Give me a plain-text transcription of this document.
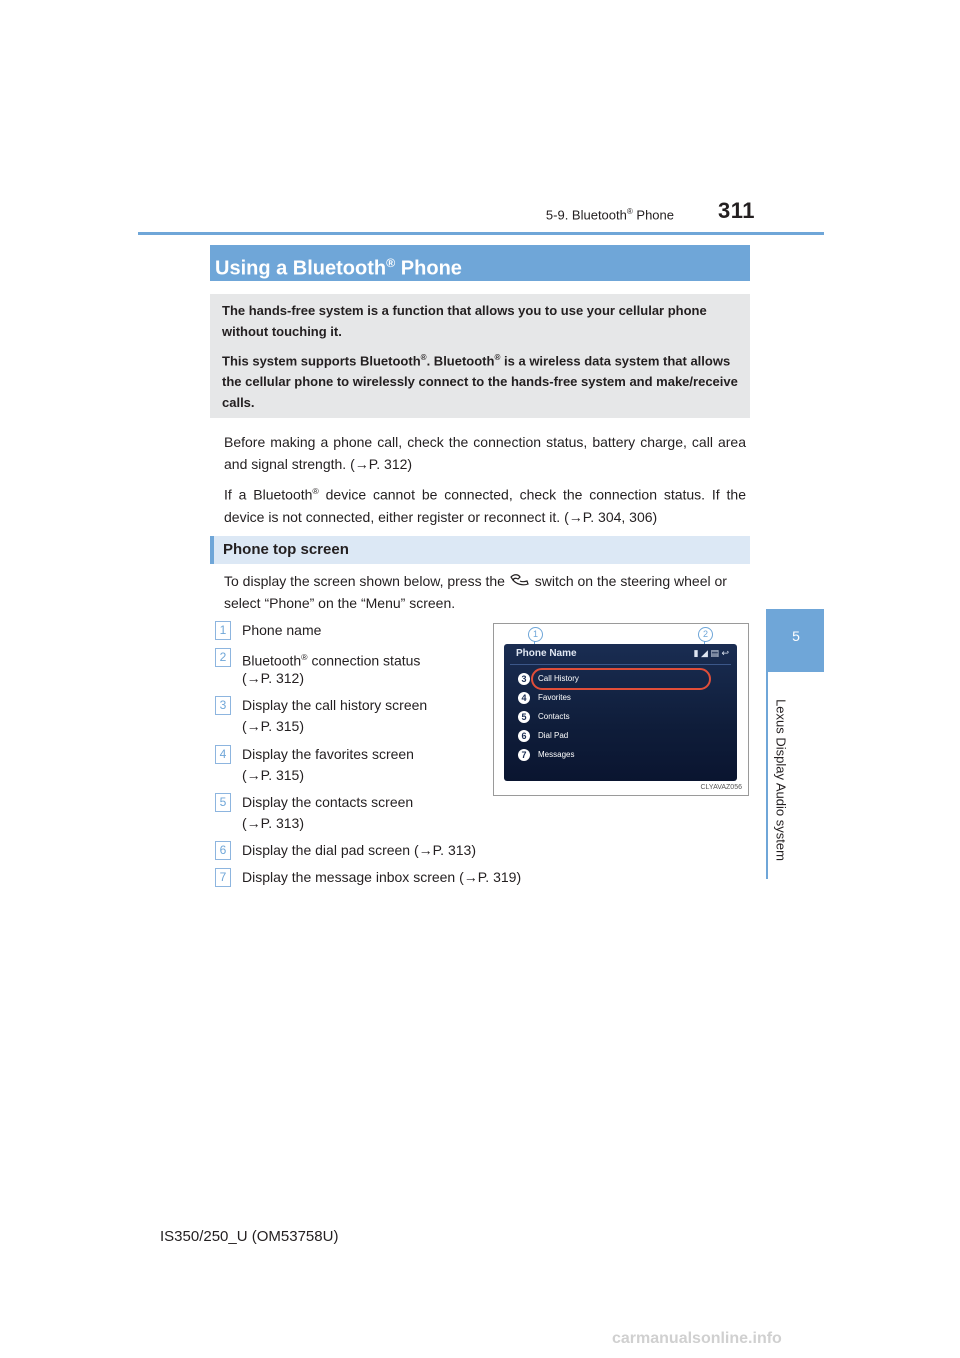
5-9. Bluetooth® Phone 311
5
Lexus Display Audio system
Using a Bluetooth® Phone

The hands-free system is a function that allows you to use your cellular phone without touching it.

This system supports Bluetooth®. Bluetooth® is a wireless data system that allows the cellular phone to wirelessly connect to the hands-free system and make/receive calls.

Before making a phone call, check the connection status, battery charge, call area and signal strength. (→P. 312)

If a Bluetooth® device cannot be connected, check the connection status. If the device is not connected, either register or reconnect it. (→P. 304, 306)

Phone top screen
To display the screen shown below, press the switch on the steering wheel or select “Phone” on the “Menu” screen.
1	Phone name
2	Bluetooth® connection status
(→P. 312)
3	Display the call history screen
(→P. 315)
4	Display the favorites screen
(→P. 315)
5	Display the contacts screen
(→P. 313)
6	Display the dial pad screen (→P. 313)
7	Display the message inbox screen (→P. 319)
1	2
Phone Name	▮ ◢ ▤ ↩
3	Call History
4	Favorites
5	Contacts
6	Dial Pad
7	Messages
CLYAVAZ056
IS350/250_U (OM53758U)
carmanualsonline.info
